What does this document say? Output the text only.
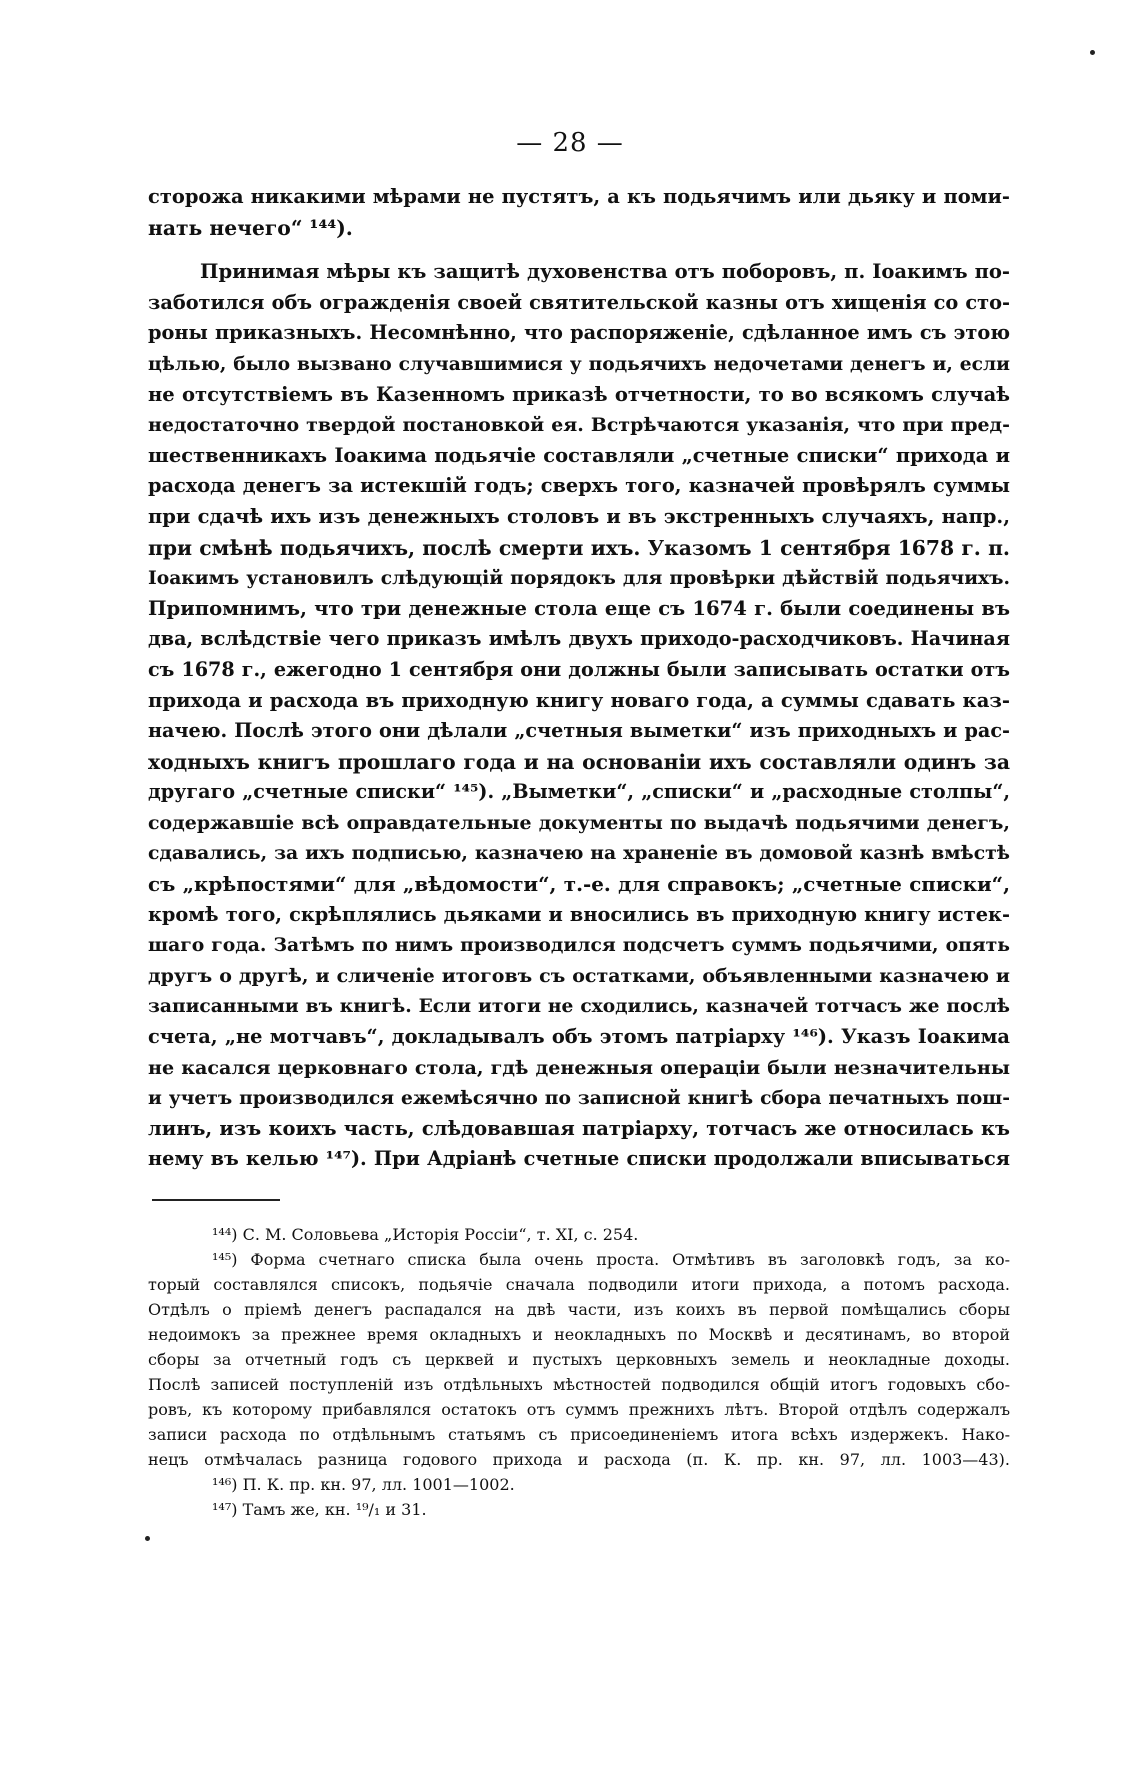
— 28 —
сторожа никакими мѣрами не пустятъ, а къ подьячимъ или дьяку и поми-
нать нечего“ ¹⁴⁴).
Принимая мѣры къ защитѣ духовенства отъ поборовъ, п. Іоакимъ по-
заботился объ огражденія своей святительской казны отъ хищенія со сто-
роны приказныхъ. Несомнѣнно, что распоряженіе, сдѣланное имъ съ этою
цѣлью, было вызвано случавшимися у подьячихъ недочетами денегъ и, если
не отсутствіемъ въ Казенномъ приказѣ отчетности, то во всякомъ случаѣ
недостаточно твердой постановкой ея. Встрѣчаются указанія, что при пред-
шественникахъ Іоакима подьячіе составляли „счетные списки“ прихода и
расхода денегъ за истекшій годъ; сверхъ того, казначей провѣрялъ суммы
при сдачѣ ихъ изъ денежныхъ столовъ и въ экстренныхъ случаяхъ, напр.,
при смѣнѣ подьячихъ, послѣ смерти ихъ. Указомъ 1 сентября 1678 г. п.
Іоакимъ установилъ слѣдующій порядокъ для провѣрки дѣйствій подьячихъ.
Припомнимъ, что три денежные стола еще съ 1674 г. были соединены въ
два, вслѣдствіе чего приказъ имѣлъ двухъ приходо-расходчиковъ. Начиная
съ 1678 г., ежегодно 1 сентября они должны были записывать остатки отъ
прихода и расхода въ приходную книгу новаго года, а суммы сдавать каз-
начею. Послѣ этого они дѣлали „счетныя выметки“ изъ приходныхъ и рас-
ходныхъ книгъ прошлаго года и на основаніи ихъ составляли одинъ за
другаго „счетные списки“ ¹⁴⁵). „Выметки“, „списки“ и „расходные столпы“,
содержавшіе всѣ оправдательные документы по выдачѣ подьячими денегъ,
сдавались, за ихъ подписью, казначею на храненіе въ домовой казнѣ вмѣстѣ
съ „крѣпостями“ для „вѣдомости“, т.-е. для справокъ; „счетные списки“,
кромѣ того, скрѣплялись дьяками и вносились въ приходную книгу истек-
шаго года. Затѣмъ по нимъ производился подсчетъ суммъ подьячими, опять
другъ о другѣ, и сличеніе итоговъ съ остатками, объявленными казначею и
записанными въ книгѣ. Если итоги не сходились, казначей тотчасъ же послѣ
счета, „не мотчавъ“, докладывалъ объ этомъ патріарху ¹⁴⁶). Указъ Іоакима
не касался церковнаго стола, гдѣ денежныя операціи были незначительны
и учетъ производился ежемѣсячно по записной книгѣ сбора печатныхъ пош-
линъ, изъ коихъ часть, слѣдовавшая патріарху, тотчасъ же относилась къ
нему въ келью ¹⁴⁷). При Адріанѣ счетные списки продолжали вписываться
¹⁴⁴) С. М. Соловьева „Исторія Россіи“, т. XI, с. 254.
¹⁴⁵) Форма счетнаго списка была очень проста. Отмѣтивъ въ заголовкѣ годъ, за ко-
торый составлялся списокъ, подьячіе сначала подводили итоги прихода, а потомъ расхода.
Отдѣлъ о пріемѣ денегъ распадался на двѣ части, изъ коихъ въ первой помѣщались сборы
недоимокъ за прежнее время окладныхъ и неокладныхъ по Москвѣ и десятинамъ, во второй
сборы за отчетный годъ съ церквей и пустыхъ церковныхъ земель и неокладные доходы.
Послѣ записей поступленій изъ отдѣльныхъ мѣстностей подводился общій итогъ годовыхъ сбо-
ровъ, къ которому прибавлялся остатокъ отъ суммъ прежнихъ лѣтъ. Второй отдѣлъ содержалъ
записи расхода по отдѣльнымъ статьямъ съ присоединеніемъ итога всѣхъ издержекъ. Нако-
нецъ отмѣчалась разница годового прихода и расхода (п. К. пр. кн. 97, лл. 1003—43).
¹⁴⁶) П. К. пр. кн. 97, лл. 1001—1002.
¹⁴⁷) Тамъ же, кн. ¹⁹/₁ и 31.
